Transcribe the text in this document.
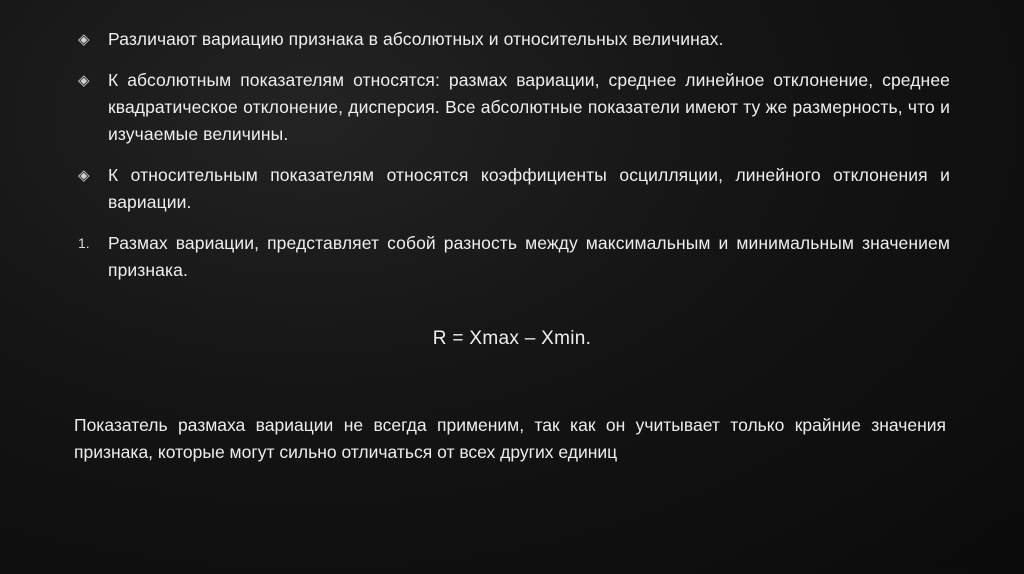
◈	Различают вариацию признака в абсолютных и относительных величинах.
◈	К абсолютным показателям относятся: размах вариации, среднее линейное отклонение, среднее квадратическое отклонение, дисперсия. Все абсолютные показатели имеют ту же размерность, что и изучаемые величины.
◈	К относительным показателям относятся коэффициенты осцилляции, линейного отклонения и вариации.
1.	Размах вариации, представляет собой разность между максимальным и минимальным значением признака.
R = Xmax – Xmin.
Показатель размаха вариации не всегда применим, так как он учитывает только крайние значения признака, которые могут сильно отличаться от всех других единиц
